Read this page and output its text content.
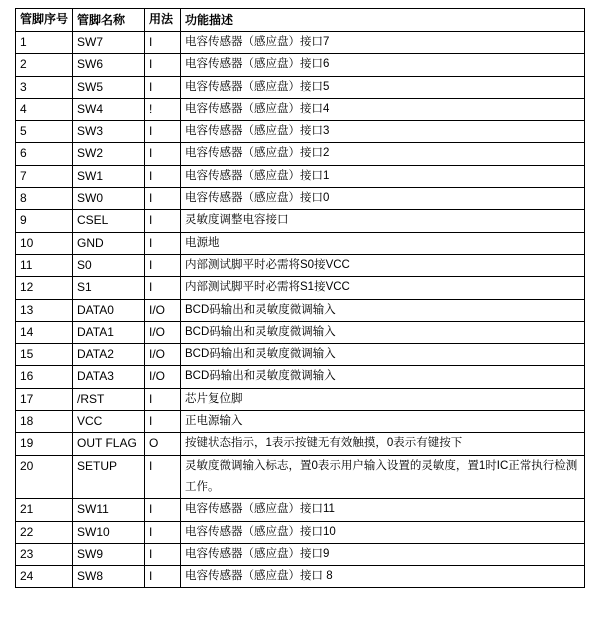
管脚序号	管脚名称	用法	功能描述
1	SW7	I	电容传感器（感应盘）接口7
2	SW6	I	电容传感器（感应盘）接口6
3	SW5	I	电容传感器（感应盘）接口5
4	SW4	!	电容传感器（感应盘）接口4
5	SW3	I	电容传感器（感应盘）接口3
6	SW2	I	电容传感器（感应盘）接口2
7	SW1	I	电容传感器（感应盘）接口1
8	SW0	I	电容传感器（感应盘）接口0
9	CSEL	I	灵敏度调整电容接口
10	GND	I	电源地
11	S0	I	内部测试脚平时必需将S0接VCC
12	S1	I	内部测试脚平时必需将S1接VCC
13	DATA0	I/O	BCD码输出和灵敏度微调输入
14	DATA1	I/O	BCD码输出和灵敏度微调输入
15	DATA2	I/O	BCD码输出和灵敏度微调输入
16	DATA3	I/O	BCD码输出和灵敏度微调输入
17	/RST	I	芯片复位脚
18	VCC	I	正电源输入
19	OUT FLAG	O	按键状态指示，1表示按键无有效触摸，0表示有键按下
20	SETUP	I	灵敏度微调输入标志，置0表示用户输入设置的灵敏度，置1时IC正常执行检测工作。
21	SW11	I	电容传感器（感应盘）接口11
22	SW10	I	电容传感器（感应盘）接口10
23	SW9	I	电容传感器（感应盘）接口9
24	SW8	I	电容传感器（感应盘）接口 8
